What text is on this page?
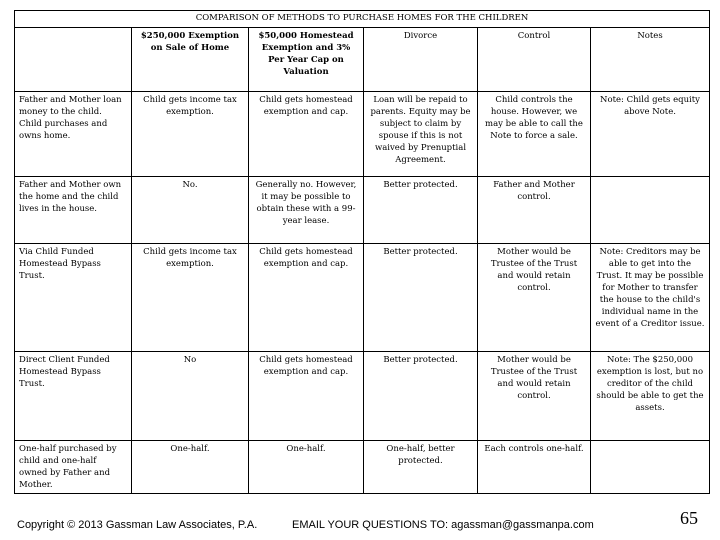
COMPARISON OF METHODS TO PURCHASE HOMES FOR THE CHILDREN					
	$250,000 Exemption on Sale of Home	$50,000 Homestead Exemption and 3% Per Year Cap on Valuation	Divorce	Control	Notes
Father and Mother loan money to the child. Child purchases and owns home.	Child gets income tax exemption.	Child gets homestead exemption and cap.	Loan will be repaid to parents. Equity may be subject to claim by spouse if this is not waived by Prenuptial Agreement.	Child controls the house. However, we may be able to call the Note to force a sale.	Note: Child gets equity above Note.
Father and Mother own the home and the child lives in the house.	No.	Generally no. However, it may be possible to obtain these with a 99-year lease.	Better protected.	Father and Mother control.	
Via Child Funded Homestead Bypass Trust.	Child gets income tax exemption.	Child gets homestead exemption and cap.	Better protected.	Mother would be Trustee of the Trust and would retain control.	Note: Creditors may be able to get into the Trust. It may be possible for Mother to transfer the house to the child's individual name in the event of a Creditor issue.
Direct Client Funded Homestead Bypass Trust.	No	Child gets homestead exemption and cap.	Better protected.	Mother would be Trustee of the Trust and would retain control.	Note: The $250,000 exemption is lost, but no creditor of the child should be able to get the assets.
One-half purchased by child and one-half owned by Father and Mother.	One-half.	One-half.	One-half, better protected.	Each controls one-half.	
Copyright © 2013 Gassman Law Associates, P.A.	EMAIL YOUR QUESTIONS TO: agassman@gassmanpa.com	65
